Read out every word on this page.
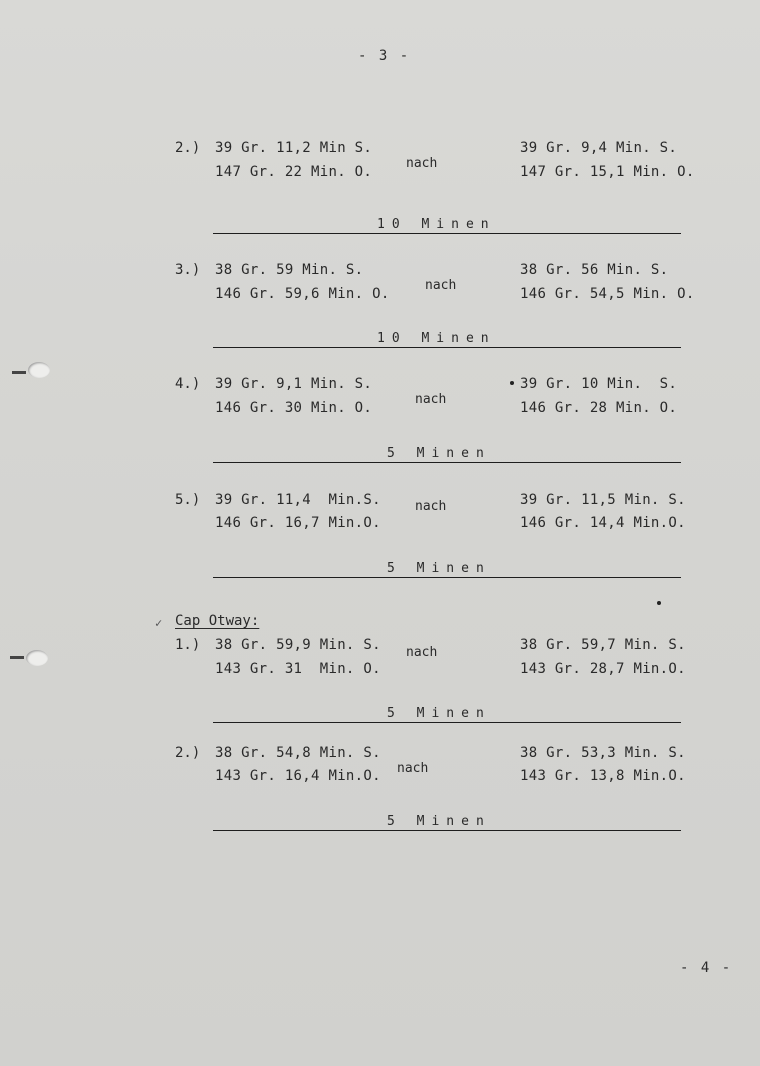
- 3 -
2.) 39 Gr. 11,2 Min S.
147 Gr. 22 Min. O.
nach
39 Gr. 9,4 Min. S.
147 Gr. 15,1 Min. O.
10 Minen
3.) 38 Gr. 59 Min. S.
146 Gr. 59,6 Min. O.
nach
38 Gr. 56 Min. S.
146 Gr. 54,5 Min. O.
10 Minen
4.) 39 Gr. 9,1 Min. S.
146 Gr. 30 Min. O.
nach
39 Gr. 10 Min.  S.
146 Gr. 28 Min. O.
5 Minen
5.) 39 Gr. 11,4  Min.S.
146 Gr. 16,7 Min.O.
nach	39 Gr. 11,5 Min. S.
146 Gr. 14,4 Min.O.
5 Minen
✓ Cap Otway:
1.) 38 Gr. 59,9 Min. S.
143 Gr. 31  Min. O.
nach	38 Gr. 59,7 Min. S.
143 Gr. 28,7 Min.O.
5 Minen
2.) 38 Gr. 54,8 Min. S.
143 Gr. 16,4 Min.O. nach
38 Gr. 53,3 Min. S.
143 Gr. 13,8 Min.O.
5 Minen
- 4 -
